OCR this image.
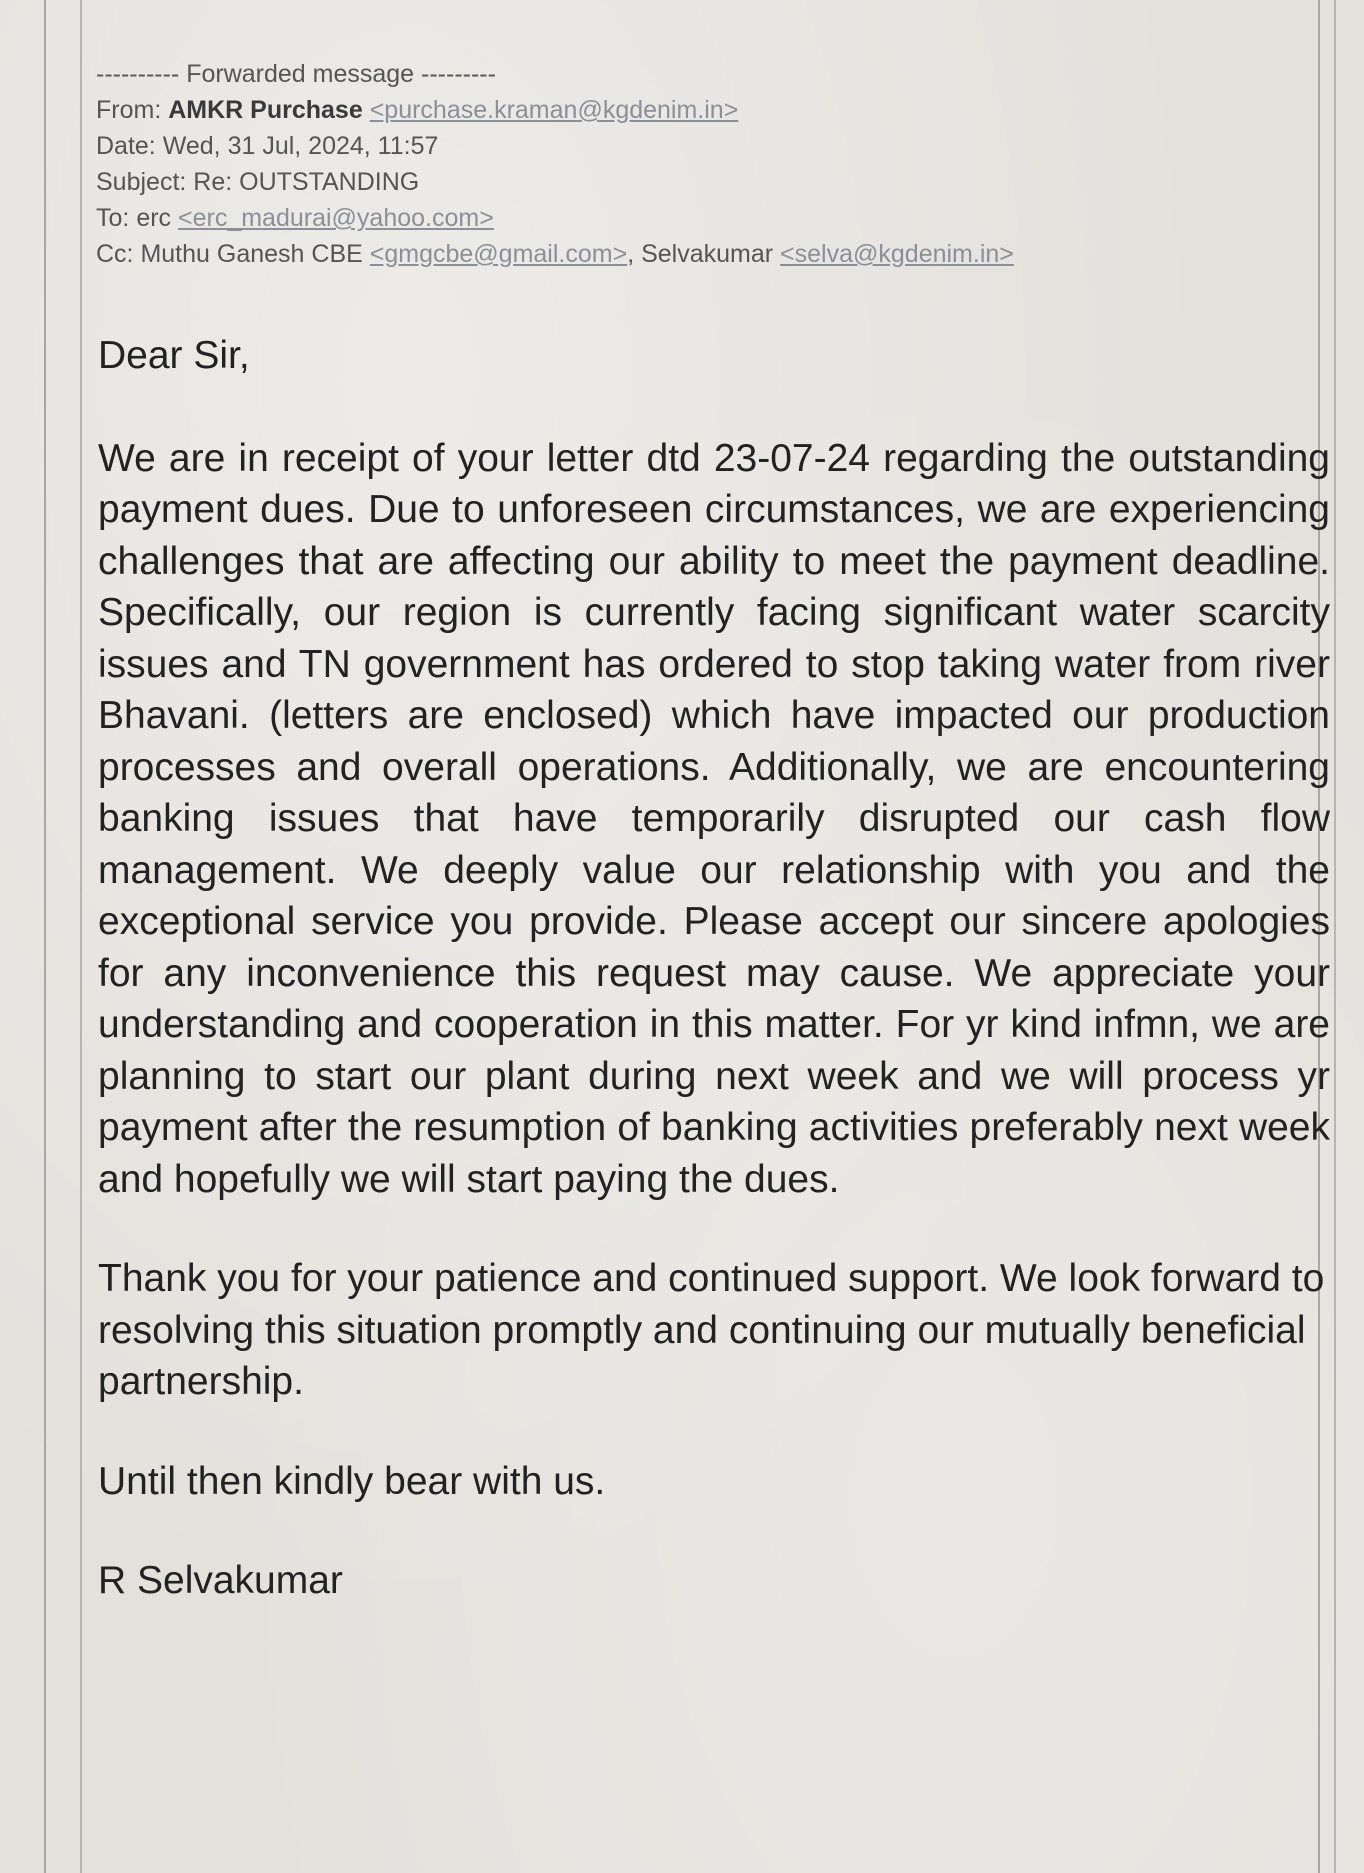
---------- Forwarded message ---------
From: AMKR Purchase <purchase.kraman@kgdenim.in>
Date: Wed, 31 Jul, 2024, 11:57
Subject: Re: OUTSTANDING
To: erc <erc_madurai@yahoo.com>
Cc: Muthu Ganesh CBE <gmgcbe@gmail.com>, Selvakumar <selva@kgdenim.in>

Dear Sir,

We are in receipt of your letter dtd 23-07-24 regarding the outstanding payment dues. Due to unforeseen circumstances, we are experiencing challenges that are affecting our ability to meet the payment deadline. Specifically, our region is currently facing significant water scarcity issues and TN government has ordered to stop taking water from river Bhavani. (letters are enclosed) which have impacted our production processes and overall operations. Additionally, we are encountering banking issues that have temporarily disrupted our cash flow management. We deeply value our relationship with you and the exceptional service you provide. Please accept our sincere apologies for any inconvenience this request may cause. We appreciate your understanding and cooperation in this matter. For yr kind infmn, we are planning to start our plant during next week and we will process yr payment after the resumption of banking activities preferably next week and hopefully we will start paying the dues.

Thank you for your patience and continued support. We look forward to resolving this situation promptly and continuing our mutually beneficial partnership.

Until then kindly bear with us.

R Selvakumar
